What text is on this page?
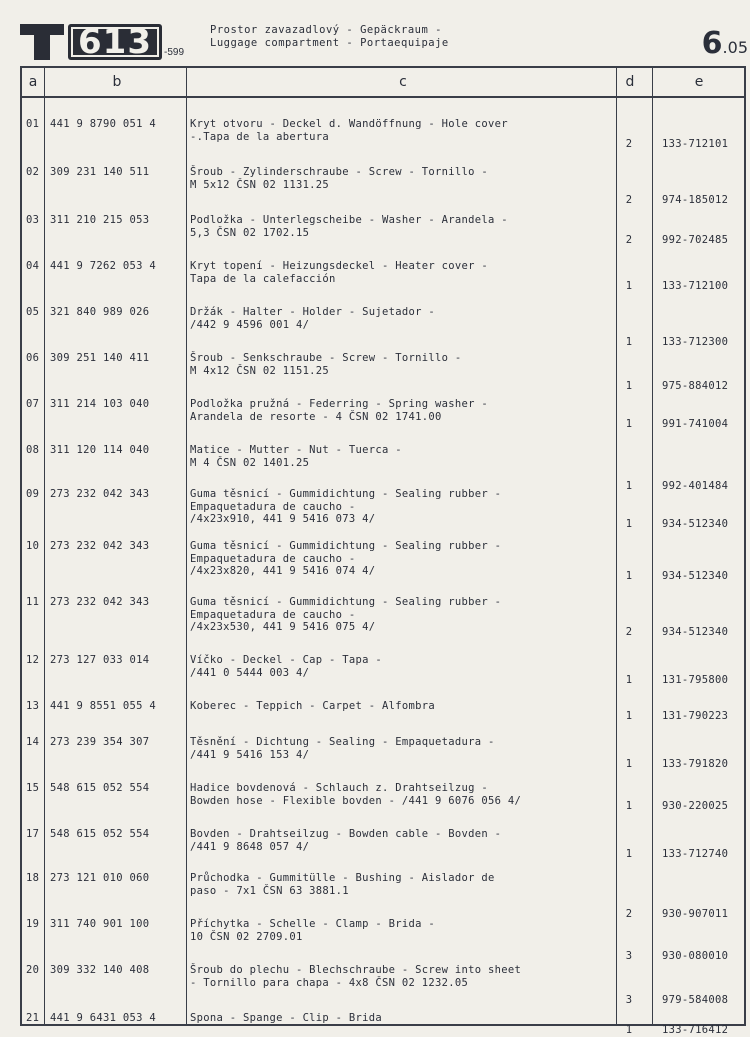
613	-599
Prostor zavazadlový - Gepäckraum -
Luggage compartment - Portaequipaje	6.05
a	b	c	d	e
01	441 9 8790 051 4	Kryt otvoru - Deckel d. Wandöffnung - Hole cover
-.Tapa de la abertura
2	133-712101
02	309 231 140 511	Šroub - Zylinderschraube - Screw - Tornillo -
M 5x12 ČSN 02 1131.25
2	974-185012
03	311 210 215 053	Podložka - Unterlegscheibe - Washer - Arandela -
5,3 ČSN 02 1702.15
2	992-702485
04	441 9 7262 053 4	Kryt topení - Heizungsdeckel - Heater cover -
Tapa de la calefacción
1	133-712100
05	321 840 989 026	Držák - Halter - Holder - Sujetador -
/442 9 4596 001 4/
1	133-712300
06	309 251 140 411	Šroub - Senkschraube - Screw - Tornillo -
M 4x12 ČSN 02 1151.25
1	975-884012
07	311 214 103 040	Podložka pružná - Federring - Spring washer -
Arandela de resorte - 4 ČSN 02 1741.00
1	991-741004
08	311 120 114 040	Matice - Mutter - Nut - Tuerca -
M 4 ČSN 02 1401.25
1	992-401484
09	273 232 042 343	Guma těsnicí - Gummidichtung - Sealing rubber -
Empaquetadura de caucho -
/4x23x910, 441 9 5416 073 4/	1	934-512340
10	273 232 042 343	Guma těsnicí - Gummidichtung - Sealing rubber -
Empaquetadura de caucho -
/4x23x820, 441 9 5416 074 4/	1	934-512340
11	273 232 042 343	Guma těsnicí - Gummidichtung - Sealing rubber -
Empaquetadura de caucho -
/4x23x530, 441 9 5416 075 4/	2	934-512340
12	273 127 033 014	Víčko - Deckel - Cap - Tapa -
/441 0 5444 003 4/
1	131-795800
13	441 9 8551 055 4	Koberec - Teppich - Carpet - Alfombra
1	131-790223
14	273 239 354 307	Těsnění - Dichtung - Sealing - Empaquetadura -
/441 9 5416 153 4/
1	133-791820
15	548 615 052 554	Hadice bovdenová - Schlauch z. Drahtseilzug -
Bowden hose - Flexible bovden - /441 9 6076 056 4/	1	930-220025
17	548 615 052 554	Bovden - Drahtseilzug - Bowden cable - Bovden -
/441 9 8648 057 4/
1	133-712740
18	273 121 010 060	Průchodka - Gummitülle - Bushing - Aislador de
paso - 7x1 ČSN 63 3881.1
2	930-907011
19	311 740 901 100	Příchytka - Schelle - Clamp - Brida -
10 ČSN 02 2709.01
3	930-080010
20	309 332 140 408	Šroub do plechu - Blechschraube - Screw into sheet
- Tornillo para chapa - 4x8 ČSN 02 1232.05
3	979-584008
21	441 9 6431 053 4	Spona - Spange - Clip - Brida
1	133-716412
